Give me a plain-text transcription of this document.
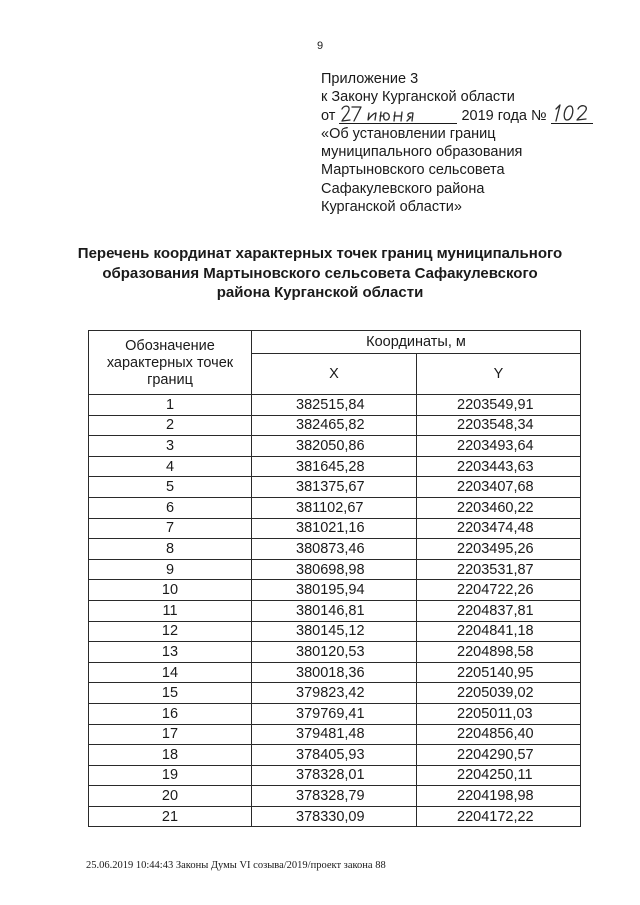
9
Приложение 3
к Закону Курганской области
от	2019 года №
«Об установлении границ
муниципального образования
Мартыновского сельсовета
Сафакулевского района
Курганской области»
Перечень координат характерных точек границ муниципального
образования Мартыновского сельсовета Сафакулевского
района Курганской области
Обозначение
характерных точек
границ	Координаты, м	
	X	Y
1	382515,84	2203549,91
2	382465,82	2203548,34
3	382050,86	2203493,64
4	381645,28	2203443,63
5	381375,67	2203407,68
6	381102,67	2203460,22
7	381021,16	2203474,48
8	380873,46	2203495,26
9	380698,98	2203531,87
10	380195,94	2204722,26
11	380146,81	2204837,81
12	380145,12	2204841,18
13	380120,53	2204898,58
14	380018,36	2205140,95
15	379823,42	2205039,02
16	379769,41	2205011,03
17	379481,48	2204856,40
18	378405,93	2204290,57
19	378328,01	2204250,11
20	378328,79	2204198,98
21	378330,09	2204172,22
25.06.2019 10:44:43 Законы Думы VI созыва/2019/проект закона 88
